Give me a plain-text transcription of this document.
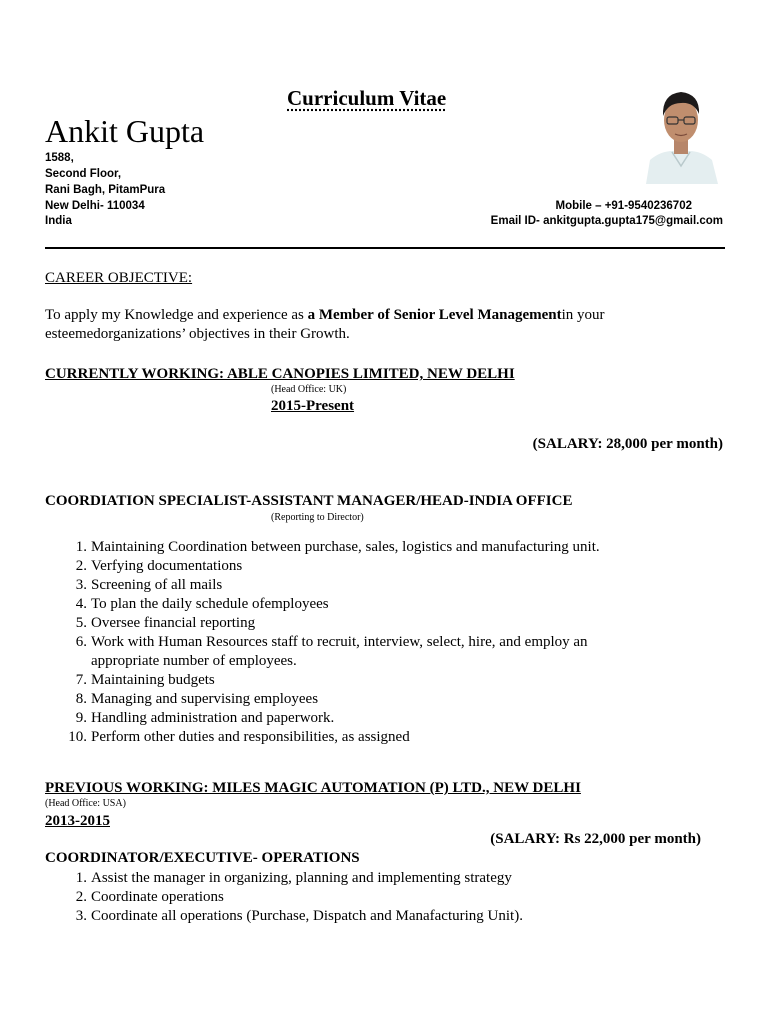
Curriculum Vitae
Ankit Gupta
1588,
Second Floor,
Rani Bagh, PitamPura
New Delhi- 110034
India
Mobile – +91-9540236702
Email ID- ankitgupta.gupta175@gmail.com
CAREER OBJECTIVE:
To apply my Knowledge and experience as a Member of Senior Level Managementin your
esteemedorganizations’ objectives in their Growth.
CURRENTLY WORKING: ABLE CANOPIES LIMITED, NEW DELHI
(Head Office: UK)
2015-Present
(SALARY: 28,000 per month)
COORDIATION SPECIALIST-ASSISTANT MANAGER/HEAD-INDIA OFFICE
(Reporting to Director)
1. Maintaining Coordination between purchase, sales, logistics and manufacturing unit.
2. Verfying documentations
3. Screening of all mails
4. To plan the daily schedule ofemployees
5. Oversee financial reporting
6. Work with Human Resources staff to recruit, interview, select, hire, and employ an
appropriate number of employees.
7. Maintaining budgets
8. Managing and supervising employees
9. Handling administration and paperwork.
10. Perform other duties and responsibilities, as assigned
PREVIOUS WORKING: MILES MAGIC AUTOMATION (P) LTD., NEW DELHI
(Head Office: USA)
2013-2015
(SALARY: Rs 22,000 per month)
COORDINATOR/EXECUTIVE- OPERATIONS
1. Assist the manager in organizing, planning and implementing strategy
2. Coordinate operations
3. Coordinate all operations (Purchase, Dispatch and Manafacturing Unit).
